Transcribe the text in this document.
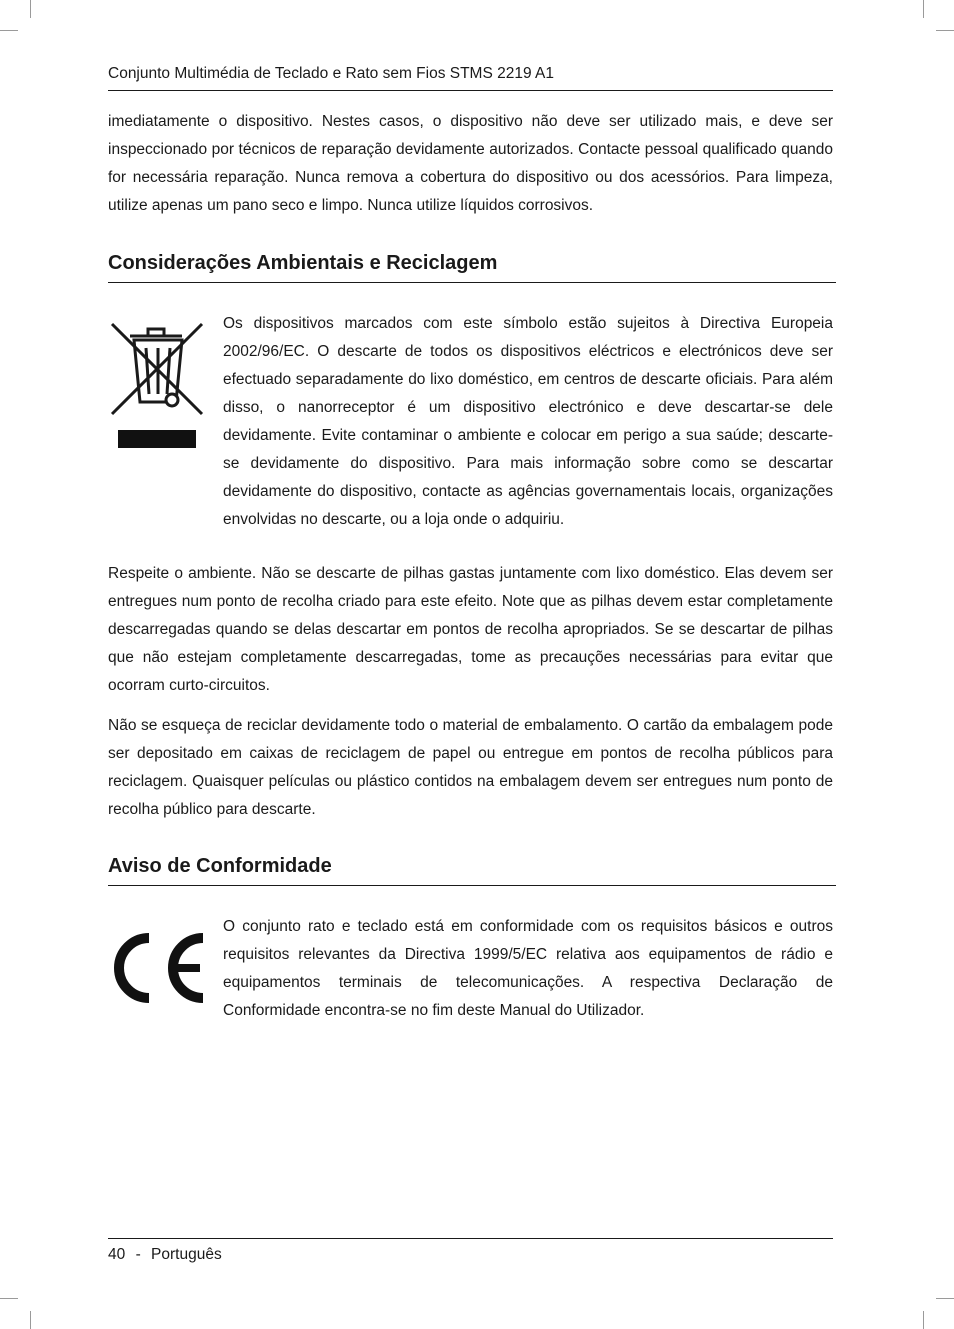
Conjunto Multimédia de Teclado e Rato sem Fios STMS 2219 A1

imediatamente o dispositivo. Nestes casos, o dispositivo não deve ser utilizado mais, e deve ser inspeccionado por técnicos de reparação devidamente autorizados. Contacte pessoal qualificado quando for necessária reparação. Nunca remova a cobertura do dispositivo ou dos acessórios. Para limpeza, utilize apenas um pano seco e limpo. Nunca utilize líquidos corrosivos.

Considerações Ambientais e Reciclagem

Os dispositivos marcados com este símbolo estão sujeitos à Directiva Europeia 2002/96/EC. O descarte de todos os dispositivos eléctricos e electrónicos deve ser efectuado separadamente do lixo doméstico, em centros de descarte oficiais. Para além disso, o nanorreceptor é um dispositivo electrónico e deve descartar-se dele devidamente. Evite contaminar o ambiente e colocar em perigo a sua saúde; descarte-se devidamente do dispositivo. Para mais informação sobre como se descartar devidamente do dispositivo, contacte as agências governamentais locais, organizações envolvidas no descarte, ou a loja onde o adquiriu.

Respeite o ambiente. Não se descarte de pilhas gastas juntamente com lixo doméstico. Elas devem ser entregues num ponto de recolha criado para este efeito. Note que as pilhas devem estar completamente descarregadas quando se delas descartar em pontos de recolha apropriados. Se se descartar de pilhas que não estejam completamente descarregadas, tome as precauções necessárias para evitar que ocorram curto-circuitos.

Não se esqueça de reciclar devidamente todo o material de embalamento. O cartão da embalagem pode ser depositado em caixas de reciclagem de papel ou entregue em pontos de recolha públicos para reciclagem. Quaisquer películas ou plástico contidos na embalagem devem ser entregues num ponto de recolha público para descarte.

Aviso de Conformidade

O conjunto rato e teclado está em conformidade com os requisitos básicos e outros requisitos relevantes da Directiva 1999/5/EC relativa aos equipamentos de rádio e equipamentos terminais de telecomunicações. A respectiva Declaração de Conformidade encontra-se no fim deste Manual do Utilizador.

40 - Português
